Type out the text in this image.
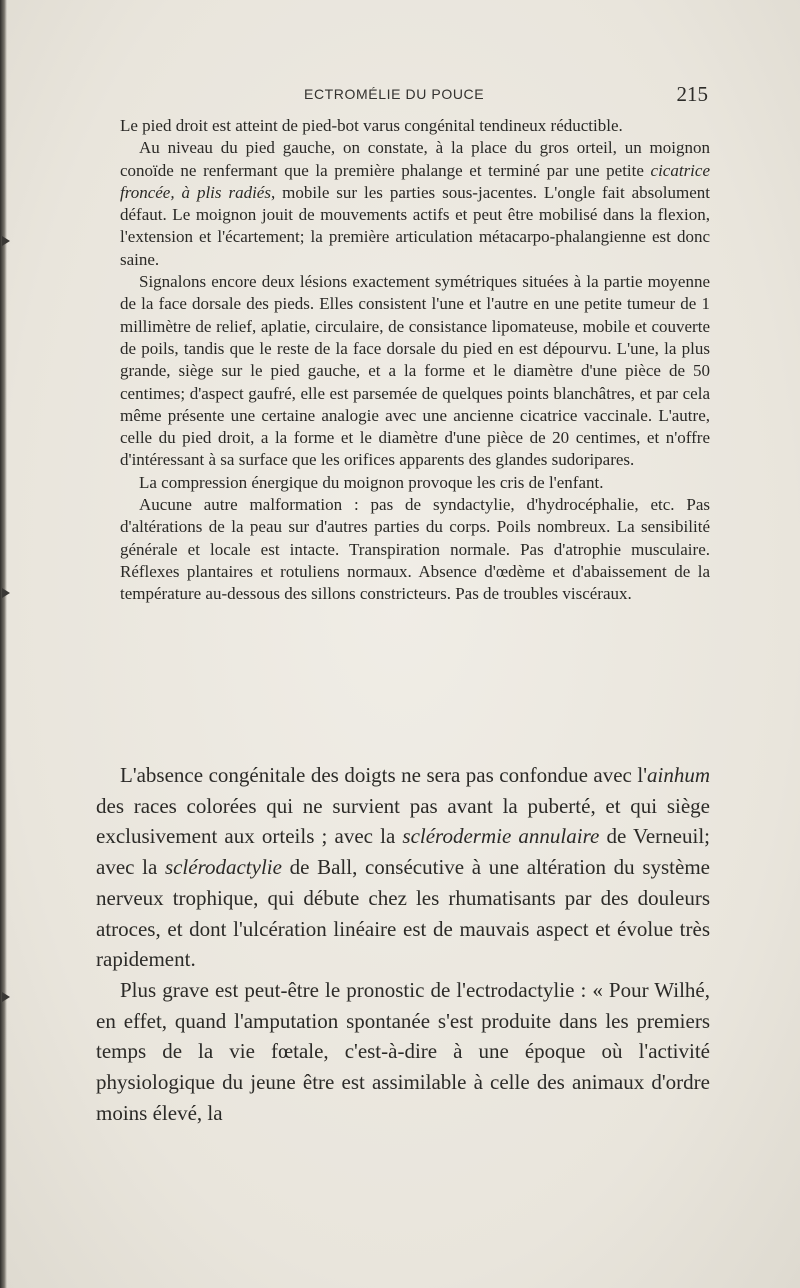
ECTROMÉLIE DU POUCE	215

Le pied droit est atteint de pied-bot varus congénital tendineux réductible.

Au niveau du pied gauche, on constate, à la place du gros orteil, un moignon conoïde ne renfermant que la première phalange et terminé par une petite cicatrice froncée, à plis radiés, mobile sur les parties sous-jacentes. L'ongle fait absolument défaut. Le moignon jouit de mouvements actifs et peut être mobilisé dans la flexion, l'extension et l'écartement; la première articulation métacarpo-phalangienne est donc saine.

Signalons encore deux lésions exactement symétriques situées à la partie moyenne de la face dorsale des pieds. Elles consistent l'une et l'autre en une petite tumeur de 1 millimètre de relief, aplatie, circulaire, de consistance lipomateuse, mobile et couverte de poils, tandis que le reste de la face dorsale du pied en est dépourvu. L'une, la plus grande, siège sur le pied gauche, et a la forme et le diamètre d'une pièce de 50 centimes; d'aspect gaufré, elle est parsemée de quelques points blanchâtres, et par cela même présente une certaine analogie avec une ancienne cicatrice vaccinale. L'autre, celle du pied droit, a la forme et le diamètre d'une pièce de 20 centimes, et n'offre d'intéressant à sa surface que les orifices apparents des glandes sudoripares.

La compression énergique du moignon provoque les cris de l'enfant.

Aucune autre malformation : pas de syndactylie, d'hydrocéphalie, etc. Pas d'altérations de la peau sur d'autres parties du corps. Poils nombreux. La sensibilité générale et locale est intacte. Transpiration normale. Pas d'atrophie musculaire. Réflexes plantaires et rotuliens normaux. Absence d'œdème et d'abaissement de la température au-dessous des sillons constricteurs. Pas de troubles viscéraux.

L'absence congénitale des doigts ne sera pas confondue avec l'ainhum des races colorées qui ne survient pas avant la puberté, et qui siège exclusivement aux orteils ; avec la sclérodermie annulaire de Verneuil; avec la sclérodactylie de Ball, consécutive à une altération du système nerveux trophique, qui débute chez les rhumatisants par des douleurs atroces, et dont l'ulcération linéaire est de mauvais aspect et évolue très rapidement.

Plus grave est peut-être le pronostic de l'ectrodactylie : « Pour Wilhé, en effet, quand l'amputation spontanée s'est produite dans les premiers temps de la vie fœtale, c'est-à-dire à une époque où l'activité physiologique du jeune être est assimilable à celle des animaux d'ordre moins élevé, la
